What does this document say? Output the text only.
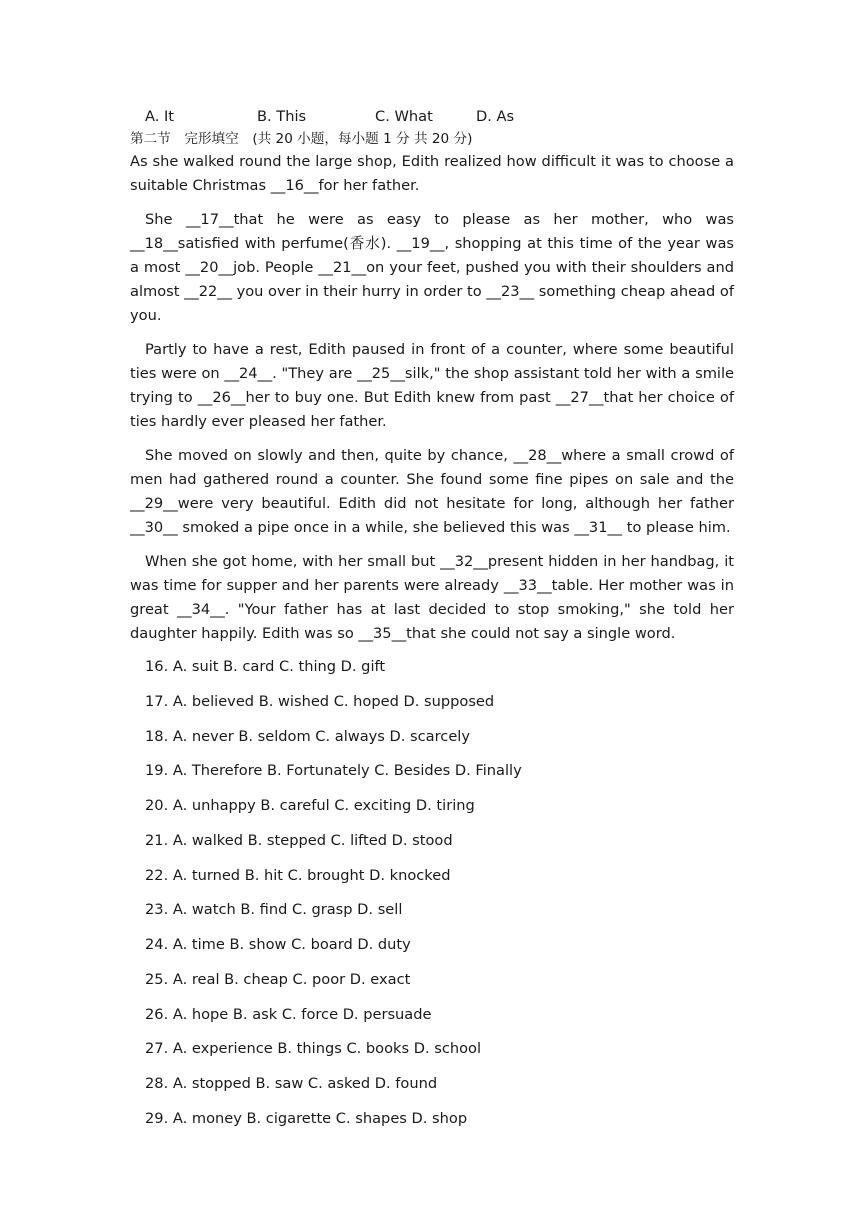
A. It	B. This	C. What	D. As
第二节　完形填空　(共 20 小题，每小题 1 分 共 20 分)

As she walked round the large shop, Edith realized how difficult it was to choose a suitable Christmas __16__for her father.

She __17__that he were as easy to please as her mother, who was __18__satisfied with perfume(香水). __19__, shopping at this time of the year was a most __20__job. People __21__on your feet, pushed you with their shoulders and almost __22__ you over in their hurry in order to __23__ something cheap ahead of you.

Partly to have a rest, Edith paused in front of a counter, where some beautiful ties were on __24__. "They are __25__silk," the shop assistant told her with a smile trying to __26__her to buy one. But Edith knew from past __27__that her choice of ties hardly ever pleased her father.

She moved on slowly and then, quite by chance, __28__where a small crowd of men had gathered round a counter. She found some fine pipes on sale and the __29__were very beautiful. Edith did not hesitate for long, although her father __30__ smoked a pipe once in a while, she believed this was __31__ to please him.

When she got home, with her small but __32__present hidden in her handbag, it was time for supper and her parents were already __33__table. Her mother was in great __34__. "Your father has at last decided to stop smoking," she told her daughter happily. Edith was so __35__that she could not say a single word.

16. A. suit B. card C. thing D. gift
17. A. believed B. wished C. hoped D. supposed
18. A. never B. seldom C. always D. scarcely
19. A. Therefore B. Fortunately C. Besides D. Finally
20. A. unhappy B. careful C. exciting D. tiring
21. A. walked B. stepped C. lifted D. stood
22. A. turned B. hit C. brought D. knocked
23. A. watch B. find C. grasp D. sell
24. A. time B. show C. board D. duty
25. A. real B. cheap C. poor D. exact
26. A. hope B. ask C. force D. persuade
27. A. experience B. things C. books D. school
28. A. stopped B. saw C. asked D. found
29. A. money B. cigarette C. shapes D. shop
